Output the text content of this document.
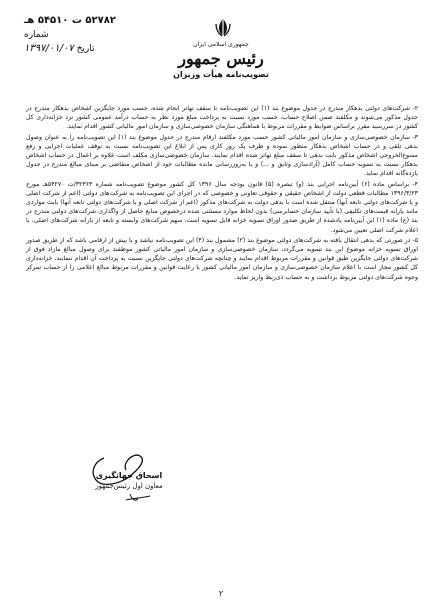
۵۲۷۸۲ ت ۵۴۵۱۰ هـ
شماره
تاریخ ۱۳۹۷/۰۱/۰۷	جمهوری اسلامی ایران
رئیس جمهور
تصویب‌نامه هیأت وزیران

۲- شرکت‌های دولتی بدهکار مندرج در جدول موضوع بند (۱) این تصویب‌نامه تا سقف تهاتر انجام شده، حسب مورد جایگزین اشخاص بدهکار مندرج در جدول مذکور می‌شوند و مکلفند ضمن اصلاح حساب، حسب مورد نسبت به پرداخت مبلغ مورد نظر به حساب درآمد عمومی کشور نزد خزانه‌داری کل کشور در سررسید مقرر براساس ضوابط و مقررات مربوط با هماهنگی سازمان خصوصی‌سازی و سازمان امور مالیاتی کشور اقدام نمایند.

۳- سازمان خصوصی‌سازی و سازمان امور مالیاتی کشور حسب مورد مکلفند ارقام مندرج در جدول موضوع بند (۱) این تصویب‌نامه را به عنوان وصول بدهی تلقی و در حساب اشخاص بدهکار منظور نموده و ظرف یک روز کاری پس از ابلاغ این تصویب‌نامه نسبت به توقف عملیات اجرایی و رفع ممنوع‌الخروجی اشخاص مذکور بابت بدهی تا سقف مبلغ تهاتر شده اقدام نمایند. سازمان خصوصی‌سازی مکلف است علاوه بر اعمال در حساب اشخاص بدهکار نسبت به تسویه حساب کامل (آزادسازی وثایق و ...) و یا به‌روزرسانی مانده مطالبات خود از اشخاص متقاضی بر مبنای مبالغ مندرج در جدول یازده‌گانه اقدام نماید.

۴- براساس ماده (۶) آیین‌نامه اجرایی بند (و) تبصره (۵) قانون بودجه سال ۱۳۹۶ کل کشور موضوع تصویب‌نامه شماره ۳۲۳۶۳/ت ۵۴۲۷۰هـ مورخ ۱۳۹۶/۳/۲۳ مطالبات قطعی دولت از اشخاص حقیقی و حقوقی تعاونی و خصوصی که در اجرای این تصویب‌نامه به شرکت‌های دولتی (اعم از شرکت اصلی و یا شرکت‌های دولتی تابعه آنها) منتقل شده است با بدهی دولت به شرکت‌های مذکور (اعم از شرکت اصلی و یا شرکت‌های دولتی تابعه آنها) بابت مواردی مانند یارانه قیمت‌های تکلیفی (با تأیید سازمان حسابرسی) بدون لحاظ موارد مستثنی شده درخصوص منابع حاصل از واگذاری شرکت‌های دولتی مندرج در بند (ج) ماده (۱) این آیین‌نامه یادشده از طریق صدور اوراق تسویه خزانه قابل تسویه است. سهم شرکت‌های وابسته و تابعه از یارانه شرکت‌های اصلی، با اعلام شرکت اصلی تعیین می‌شود.

۵- در صورتی که بدهی انتقال یافته به شرکت‌های دولتی موضوع بند (۲) مشمول بند (۴) این تصویب‌نامه نباشد و یا بیش از ارقامی باشد که از طریق صدور اوراق تسویه خزانه موضوع این بند تسویه می‌گردد، سازمان خصوصی‌سازی و سازمان امور مالیاتی کشور موظفند برای وصول مبالغ مازاد فوق از شرکت‌های دولتی جایگزین طبق قوانین و مقررات مربوط اقدام نمایند و چنانچه شرکت‌های دولتی جایگزین نسبت به پرداخت آن اقدام ننمایند، خزانه‌داری کل کشور مجاز است با اعلام سازمان خصوصی‌سازی و سازمان امور مالیاتی کشور با رعایت قوانین و مقررات مربوط مبالغ اعلامی را از حساب تمرکز وجوه شرکت‌های دولتی مربوط برداشت و به حساب ذی‌ربط واریز نماید.

اسحاق جهانگیری
معاون اول رئیس‌جمهور
۲
